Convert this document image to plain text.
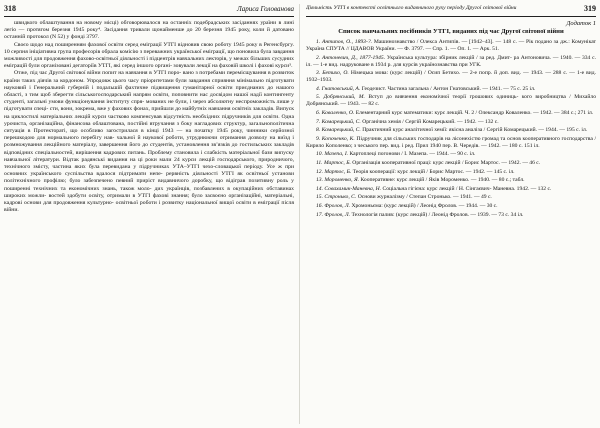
318	Лариса Голованова

швидкого облаштування на новому місці) обговорювалося на останніх подебрадських засіданнях ураїни в лині легіо — протягом березня 1945 року⁴. Засідання тривали щонайменше до 20 березня 1945 року, коли й датовано останній протокол (N 52) у фонді 3797.

Своєо щодо над поширенням фахової освіти серед еміграції УТГІ відновив свою роботу 1945 року в Регенсбургу. 10 серпня ініціативна група професорів обрала комісію з переважних української еміграції, що поновила була завдання можливості для продовження фахово-освітньої діяльності і підцентрів навчальних лекторів, у межах більших сусудних еміграцій були організовані дегаторіїв УТГІ, які серед іншого органі- зовували лекції на фаховій школі і фахові курси⁵.

Отже, під час Другої світової війни попит на навчання в УТГІ поро- вано з потребами перемісщування в розвиток країни таких діячів за кордоном. Упродовж цього часу пріоритетами були завдання сприяння мінімально підготувати науковий і Генеральний губерній і подальшій фахтичне підвищення гуманітарної освіти приєднаних до нашого області, з тим щоб зберегти сільськогосподарський напрям освіти, поповнити нас досвідом нашої надії контингенту студенті, загальні умови функціонування інституту спря- мованих не були, і через абсолютну неспроможність лише у підготувати спеці- сти, вони, зокрема, вже у фахових фонах, прийшли до майбутніх навчання освітніх закладів. Випуск на циклостилі матеріальних лекцій курси частково компенсував відсутність необхідних підручників для освіти. Одна урочиста, організаційна, фінансова облаштована, постійні втручання з боку нагладових структур, загальнополітична ситуація в Протекторатi, що особливо загострилася в кінці 1943 — на початку 1945 року, чинники серйозної перешкодою для нормального перебігу нав- чальної й наукової роботи, утруднюючи отримання дозволу на виїзд і розмножування лекційного матеріалу, завершення його до студентів, установлення зв’язків до гостильських закладів відповідних спеціальностей, вирішення кадрових питань. Проблему становила і слабкість матеріальної бази випуску навчальної літератури. Відтак радянські видання на ці роки мали 24 курси лекцій господарського, природничого, технічного змісту, частина яких була перевидана у підручниках УТА–УТГІ чехо-словацької періоду. Усе ж при основних українського суспільства вдалося підтримати непе- рервність діяльності УТГІ як освітньої установи політехнічного профілю; було забезпечено певний приріст видавничого доробку, що відіграв позитивну роль у поширенні технічних та економічних знань, також моло- дих українців, позбавлених в окупаційних обставинах широких можли- востей здобути освіту, отримали в УТГІ фахові знання; було засвоєно організаційні, матеріальні, кадрові основи для продовження культурно- освітньої роботи і розвитку національної вищої освіти в еміграції після війни.

Діяльність УТГІ в контексті освітнього видавничого руху періоду Другої світової війни	319
Додаток 1
Список навчальних посібників УТГІ, виданих під час Другої світової війни
1. Антипов, О., 1893-?. Машинознавство / Олекса Антипів. — [1942–43]. — 148 с. — Рік подано за дж.: Комунікат Україна СПУТА // ЦДАВОВ України. — Ф. 3797. — Спр. 1. — Оп. 1. — Арк. 51.
2. Антоневич, Д., 1877-1945. Українська культура: збірник лекцій / за ред. Дмит- ра Антоновича. — 1940. — 334 с. іл. — 1-е вид. надруковане в 1934 р. для курсів українознавства при УГК.
3. Бетихо, О. Німецька мова: (курс лекцій) / Осип Бетихо. — 2-е попр. й доп. вид. — 1943. — 288 с. — 1-е вид. 1932–1933.
4. Гнатовський, А. Геодезист. Частина загальна / Антон Гнатовський. — 1941. — 75 с. 25 іл.
5. Добрянський, М. Вступ до вивчення економічної теорії грошових одиниць- кого виробництва / Михайло Добрянський. — 1943. — 82 с.
6. Коваленко, О. Елементарний курс математики: курс лекцій. Ч. 2 / Олександр Коваленко. — 1942. — 384 с.; 271 іл.
7. Комарецький, С. Органічна хемія / Сергій Комарецький. — 1942. — 132 с.
8. Комарецький, С. Практичний курс аналітичної хемії: якісна аналіза / Сергій Комарецький. — 1944. — 195 с. іл.
9. Копоченко, К. Підручник для сільських господарів на лісонехістю громад та основ кооперативного господарства / Кирило Кополенко; з чеського пер. вид. і ред. Прил 1940 пер. В. Чередів. — 1942. — 180 с. 151 іл.
10. Мазепа, І. Картоплеці погонови / І. Мазепа. — 1944. — 90 с. іл.
11. Мартос, Б. Організація кооперативної праці: курс лекцій / Борис Мартос. — 1942. — 46 с.
12. Мартос, Б. Теорія кооперації: курс лекцій / Борис Мартос. — 1942. — 145 с. іл.
13. Мороменко, Я. Кооперативне: курс лекцій / Яків Мороменко. — 1940. — 80 с.; табл.
14. Совахамик-Маневна, Н. Соціальна гігієна: курс лекцій / Н. Сінгаєвич- Маневна. 1942. — 132 с.
15. Стронько, С. Основи журналізму / Степан Стронько. — 1941. — 49 с.
16. Фролов, Л. Хромоньєма: (курс лекцій) / Леонід Фролов. — 1944. — 30 с.
17. Фролов, Л. Технологія палив: (курс лекцій) / Леонід Фролов. — 1939. — 73 с. 34 іл.
